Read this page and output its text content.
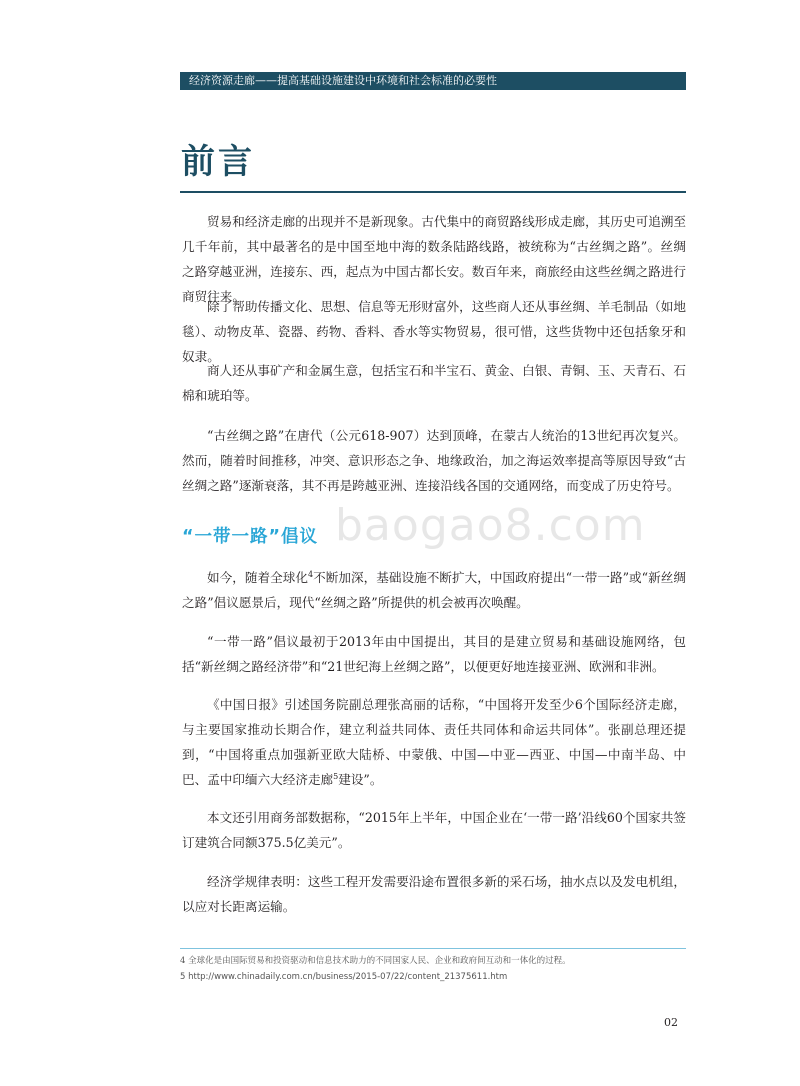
经济资源走廊——提高基础设施建设中环境和社会标准的必要性
前言

贸易和经济走廊的出现并不是新现象。古代集中的商贸路线形成走廊，其历史可追溯至几千年前，其中最著名的是中国至地中海的数条陆路线路，被统称为“古丝绸之路”。丝绸之路穿越亚洲，连接东、西，起点为中国古都长安。数百年来，商旅经由这些丝绸之路进行商贸往来。

除了帮助传播文化、思想、信息等无形财富外，这些商人还从事丝绸、羊毛制品（如地毯）、动物皮革、瓷器、药物、香料、香水等实物贸易，很可惜，这些货物中还包括象牙和奴隶。

商人还从事矿产和金属生意，包括宝石和半宝石、黄金、白银、青铜、玉、天青石、石棉和琥珀等。

“古丝绸之路”在唐代（公元618-907）达到顶峰，在蒙古人统治的13世纪再次复兴。然而，随着时间推移，冲突、意识形态之争、地缘政治，加之海运效率提高等原因导致“古丝绸之路”逐渐衰落，其不再是跨越亚洲、连接沿线各国的交通网络，而变成了历史符号。

baogao8.com
“一带一路”倡议

如今，随着全球化$^4$不断加深，基础设施不断扩大，中国政府提出“一带一路”或“新丝绸之路”倡议愿景后，现代“丝绸之路”所提供的机会被再次唤醒。

“一带一路”倡议最初于2013年由中国提出，其目的是建立贸易和基础设施网络，包括“新丝绸之路经济带”和“21世纪海上丝绸之路”，以便更好地连接亚洲、欧洲和非洲。

《中国日报》引述国务院副总理张高丽的话称，“中国将开发至少6个国际经济走廊，与主要国家推动长期合作，建立利益共同体、责任共同体和命运共同体”。张副总理还提到，“中国将重点加强新亚欧大陆桥、中蒙俄、中国—中亚—西亚、中国—中南半岛、中巴、孟中印缅六大经济走廊$^5$建设”。

本文还引用商务部数据称，“2015年上半年，中国企业在‘一带一路’沿线60个国家共签订建筑合同额375.5亿美元”。

经济学规律表明：这些工程开发需要沿途布置很多新的采石场，抽水点以及发电机组，以应对长距离运输。

4 全球化是由国际贸易和投资驱动和信息技术助力的不同国家人民、企业和政府间互动和一体化的过程。

5 http://www.chinadaily.com.cn/business/2015-07/22/content_21375611.htm

02
